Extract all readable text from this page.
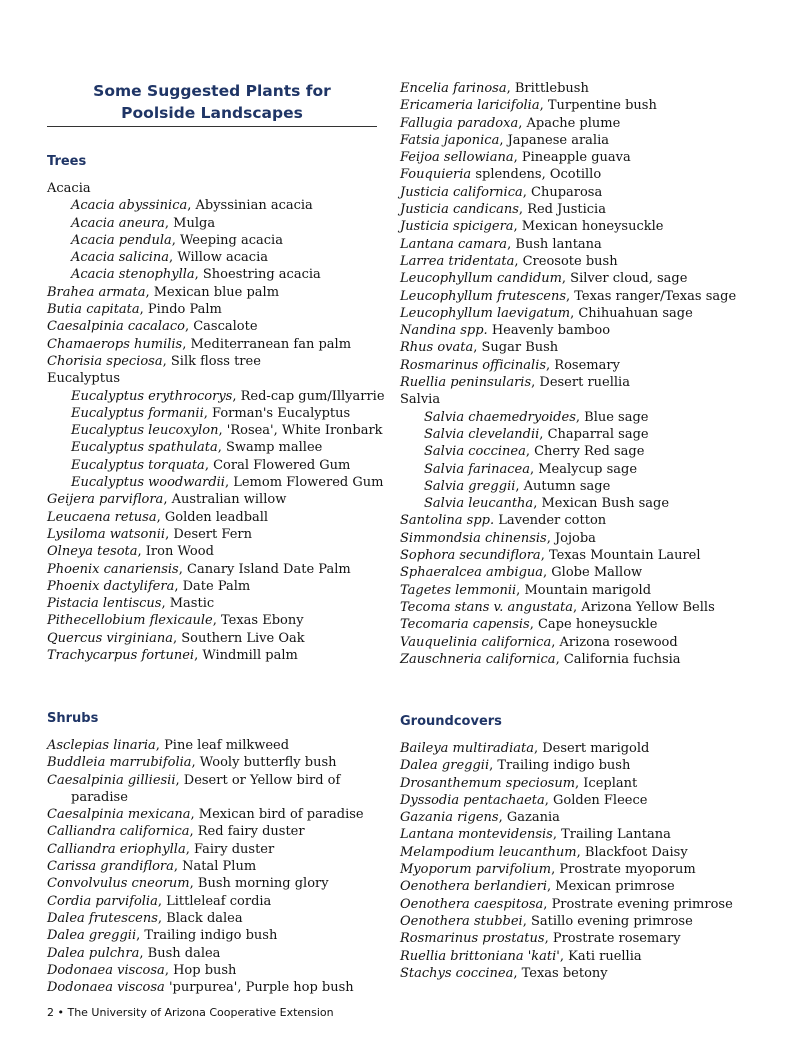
Some Suggested Plants for
Poolside Landscapes
Trees
Acacia
Acacia abyssinica, Abyssinian acacia
Acacia aneura, Mulga
Acacia pendula, Weeping acacia
Acacia salicina, Willow acacia
Acacia stenophylla, Shoestring acacia
Brahea armata, Mexican blue palm
Butia capitata, Pindo Palm
Caesalpinia cacalaco, Cascalote
Chamaerops humilis, Mediterranean fan palm
Chorisia speciosa, Silk floss tree
Eucalyptus
Eucalyptus erythrocorys, Red-cap gum/Illyarrie
Eucalyptus formanii, Forman's Eucalyptus
Eucalyptus leucoxylon, 'Rosea', White Ironbark
Eucalyptus spathulata, Swamp mallee
Eucalyptus torquata, Coral Flowered Gum
Eucalyptus woodwardii, Lemom Flowered Gum
Geijera parviflora, Australian willow
Leucaena retusa, Golden leadball
Lysiloma watsonii, Desert Fern
Olneya tesota, Iron Wood
Phoenix canariensis, Canary Island Date Palm
Phoenix dactylifera, Date Palm
Pistacia lentiscus, Mastic
Pithecellobium flexicaule, Texas Ebony
Quercus virginiana, Southern Live Oak
Trachycarpus fortunei, Windmill palm
Shrubs
Asclepias linaria, Pine leaf milkweed
Buddleia marrubifolia, Wooly butterfly bush
Caesalpinia gilliesii, Desert or Yellow bird of paradise
Caesalpinia mexicana, Mexican bird of paradise
Calliandra californica, Red fairy duster
Calliandra eriophylla, Fairy duster
Carissa grandiflora, Natal Plum
Convolvulus cneorum, Bush morning glory
Cordia parvifolia, Littleleaf cordia
Dalea frutescens, Black dalea
Dalea greggii, Trailing indigo bush
Dalea pulchra, Bush dalea
Dodonaea viscosa, Hop bush
Dodonaea viscosa 'purpurea', Purple hop bush
Encelia farinosa, Brittlebush
Ericameria laricifolia, Turpentine bush
Fallugia paradoxa, Apache plume
Fatsia japonica, Japanese aralia
Feijoa sellowiana, Pineapple guava
Fouquieria splendens, Ocotillo
Justicia californica, Chuparosa
Justicia candicans, Red Justicia
Justicia spicigera, Mexican honeysuckle
Lantana camara, Bush lantana
Larrea tridentata, Creosote bush
Leucophyllum candidum, Silver cloud, sage
Leucophyllum frutescens, Texas ranger/Texas sage
Leucophyllum laevigatum, Chihuahuan sage
Nandina spp. Heavenly bamboo
Rhus ovata, Sugar Bush
Rosmarinus officinalis, Rosemary
Ruellia peninsularis, Desert ruellia
Salvia
Salvia chaemedryoides, Blue sage
Salvia clevelandii, Chaparral sage
Salvia coccinea, Cherry Red sage
Salvia farinacea, Mealycup sage
Salvia greggii, Autumn sage
Salvia leucantha, Mexican Bush sage
Santolina spp. Lavender cotton
Simmondsia chinensis, Jojoba
Sophora secundiflora, Texas Mountain Laurel
Sphaeralcea ambigua, Globe Mallow
Tagetes lemmonii, Mountain marigold
Tecoma stans v. angustata, Arizona Yellow Bells
Tecomaria capensis, Cape honeysuckle
Vauquelinia californica, Arizona rosewood
Zauschneria californica, California fuchsia
Groundcovers
Baileya multiradiata, Desert marigold
Dalea greggii, Trailing indigo bush
Drosanthemum speciosum, Iceplant
Dyssodia pentachaeta, Golden Fleece
Gazania rigens, Gazania
Lantana montevidensis, Trailing Lantana
Melampodium leucanthum, Blackfoot Daisy
Myoporum parvifolium, Prostrate myoporum
Oenothera berlandieri, Mexican primrose
Oenothera caespitosa, Prostrate evening primrose
Oenothera stubbei, Satillo evening primrose
Rosmarinus prostatus, Prostrate rosemary
Ruellia brittoniana 'kati', Kati ruellia
Stachys coccinea, Texas betony
2 • The University of Arizona Cooperative Extension
